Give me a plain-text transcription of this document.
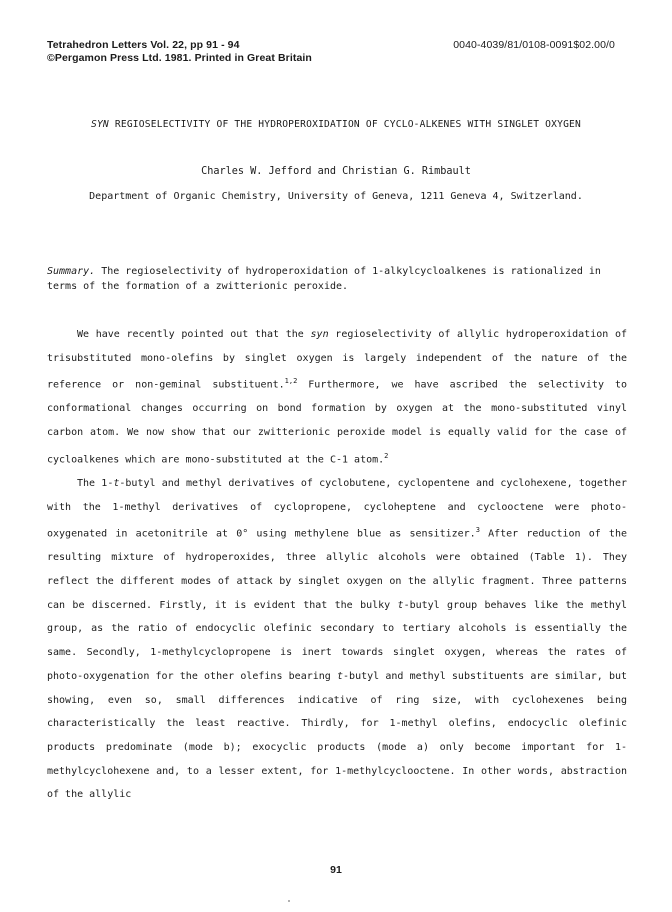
Tetrahedron Letters Vol. 22, pp 91 - 94
©Pergamon Press Ltd. 1981. Printed in Great Britain
0040-4039/81/0108-0091$02.00/0
SYN REGIOSELECTIVITY OF THE HYDROPEROXIDATION OF CYCLO-ALKENES WITH SINGLET OXYGEN
Charles W. Jefford and Christian G. Rimbault
Department of Organic Chemistry, University of Geneva, 1211 Geneva 4, Switzerland.
Summary. The regioselectivity of hydroperoxidation of 1-alkylcycloalkenes is rationalized in terms of the formation of a zwitterionic peroxide.

We have recently pointed out that the syn regioselectivity of allylic hydroperoxidation of trisubstituted mono-olefins by singlet oxygen is largely independent of the nature of the reference or non-geminal substituent.$^{1,2}$ Furthermore, we have ascribed the selectivity to conformational changes occurring on bond formation by oxygen at the mono-substituted vinyl carbon atom. We now show that our zwitterionic peroxide model is equally valid for the case of cycloalkenes which are mono-substituted at the C-1 atom.$^2$

The 1-t-butyl and methyl derivatives of cyclobutene, cyclopentene and cyclohexene, together with the 1-methyl derivatives of cyclopropene, cycloheptene and cyclooctene were photo-oxygenated in acetonitrile at 0° using methylene blue as sensitizer.$^3$ After reduction of the resulting mixture of hydroperoxides, three allylic alcohols were obtained (Table 1). They reflect the different modes of attack by singlet oxygen on the allylic fragment. Three patterns can be discerned. Firstly, it is evident that the bulky t-butyl group behaves like the methyl group, as the ratio of endocyclic olefinic secondary to tertiary alcohols is essentially the same. Secondly, 1-methylcyclopropene is inert towards singlet oxygen, whereas the rates of photo-oxygenation for the other olefins bearing t-butyl and methyl substituents are similar, but showing, even so, small differences indicative of ring size, with cyclohexenes being characteristically the least reactive. Thirdly, for 1-methyl olefins, endocyclic olefinic products predominate (mode b); exocyclic products (mode a) only become important for 1-methylcyclohexene and, to a lesser extent, for 1-methylcyclooctene. In other words, abstraction of the allylic

91
